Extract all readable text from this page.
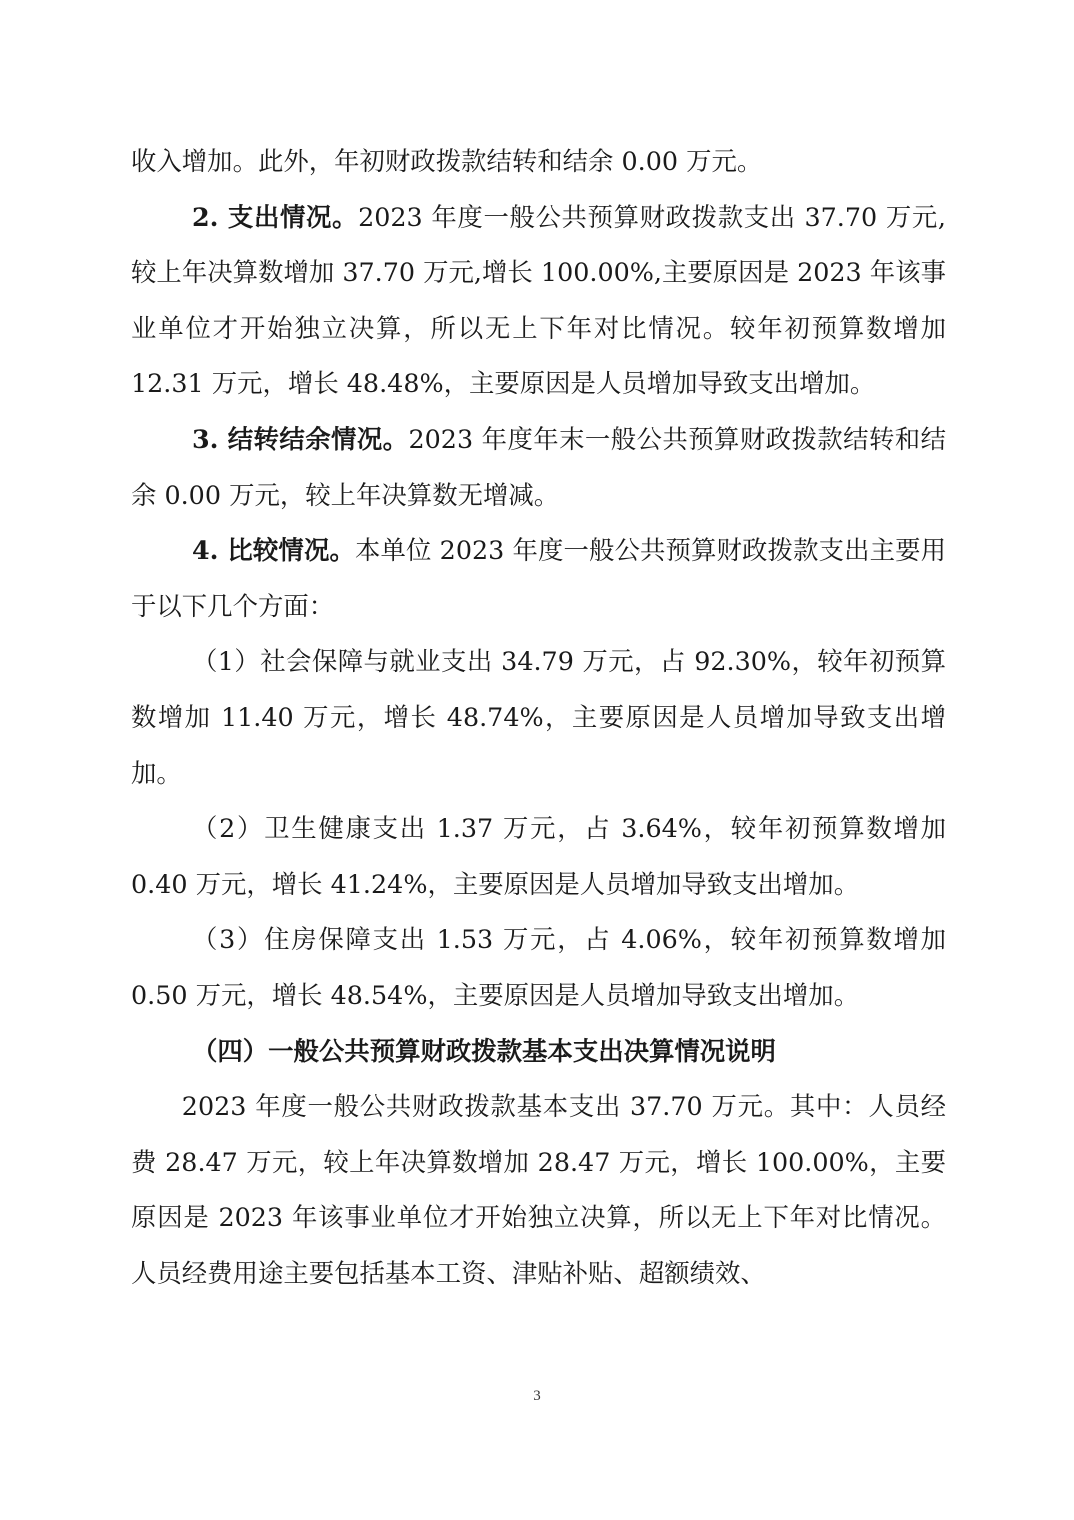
收入增加。此外，年初财政拨款结转和结余 0.00 万元。

2. 支出情况。2023 年度一般公共预算财政拨款支出 37.70 万元,较上年决算数增加 37.70 万元,增长 100.00%,主要原因是 2023 年该事业单位才开始独立决算，所以无上下年对比情况。较年初预算数增加 12.31 万元，增长 48.48%，主要原因是人员增加导致支出增加。

3. 结转结余情况。2023 年度年末一般公共预算财政拨款结转和结余 0.00 万元，较上年决算数无增减。

4. 比较情况。本单位 2023 年度一般公共预算财政拨款支出主要用于以下几个方面：

（1）社会保障与就业支出 34.79 万元，占 92.30%，较年初预算数增加 11.40 万元，增长 48.74%，主要原因是人员增加导致支出增加。

（2）卫生健康支出 1.37 万元，占 3.64%，较年初预算数增加 0.40 万元，增长 41.24%，主要原因是人员增加导致支出增加。

（3）住房保障支出 1.53 万元，占 4.06%，较年初预算数增加 0.50 万元，增长 48.54%，主要原因是人员增加导致支出增加。

（四）一般公共预算财政拨款基本支出决算情况说明

2023 年度一般公共财政拨款基本支出 37.70 万元。其中：人员经费 28.47 万元，较上年决算数增加 28.47 万元，增长 100.00%，主要原因是 2023 年该事业单位才开始独立决算，所以无上下年对比情况。人员经费用途主要包括基本工资、津贴补贴、超额绩效、

3
